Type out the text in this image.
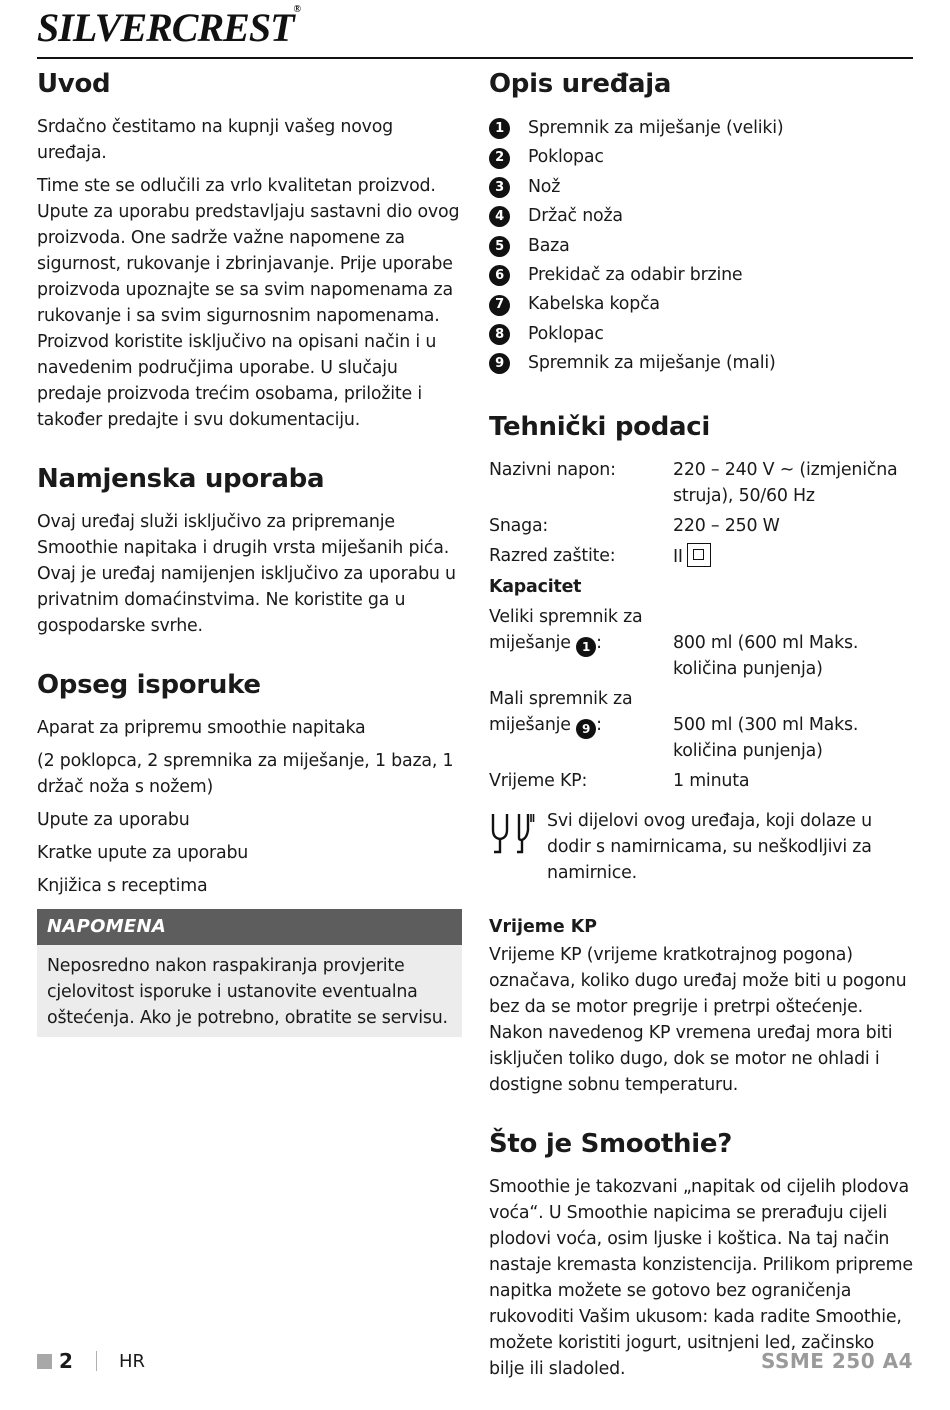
SILVERCREST®
Uvod

Srdačno čestitamo na kupnji vašeg novog uređaja.

Time ste se odlučili za vrlo kvalitetan proizvod. Upute za uporabu predstavljaju sastavni dio ovog proizvoda. One sadrže važne napomene za sigurnost, rukovanje i zbrinjavanje. Prije uporabe proizvoda upoznajte se sa svim napomenama za rukovanje i sa svim sigurnosnim napomenama. Proizvod koristite isključivo na opisani način i u navedenim područjima uporabe. U slučaju predaje proizvoda trećim osobama, priložite i također predajte i svu dokumentaciju.

Namjenska uporaba

Ovaj uređaj služi isključivo za pripremanje Smoothie napitaka i drugih vrsta miješanih pića. Ovaj je uređaj namijenjen isključivo za uporabu u privatnim domaćinstvima. Ne koristite ga u gospodarske svrhe.

Opseg isporuke

Aparat za pripremu smoothie napitaka

(2 poklopca, 2 spremnika za miješanje, 1 baza, 1 držač noža s nožem)

Upute za uporabu

Kratke upute za uporabu

Knjižica s receptima

NAPOMENA
Neposredno nakon raspakiranja provjerite cjelovitost isporuke i ustanovite eventualna oštećenja. Ako je potrebno, obratite se servisu.
Opis uređaja
1	Spremnik za miješanje (veliki)
2	Poklopac
3	Nož
4	Držač noža
5	Baza
6	Prekidač za odabir brzine
7	Kabelska kopča
8	Poklopac
9	Spremnik za miješanje (mali)
Tehnički podaci
Nazivni napon:	220 – 240 V ~ (izmjenična struja), 50/60 Hz
Snaga:	220 – 250 W
Razred zaštite:	II
Kapacitet
Veliki spremnik za
miješanje 1 :	800 ml (600 ml Maks. količina punjenja)
Mali spremnik za
miješanje 9 :	500 ml (300 ml Maks. količina punjenja)
Vrijeme KP:	1 minuta
Svi dijelovi ovog uređaja, koji dolaze u dodir s namirnicama, su neškodljivi za namirnice.
Vrijeme KP

Vrijeme KP (vrijeme kratkotrajnog pogona) označava, koliko dugo uređaj može biti u pogonu bez da se motor pregrije i pretrpi oštećenje. Nakon navedenog KP vremena uređaj mora biti isključen toliko dugo, dok se motor ne ohladi i dostigne sobnu temperaturu.

Što je Smoothie?

Smoothie je takozvani „napitak od cijelih plodova voća“. U Smoothie napicima se prerađuju cijeli plodovi voća, osim ljuske i koštica. Na taj način nastaje kremasta konzistencija. Prilikom pripreme napitka možete se gotovo bez ograničenja rukovoditi Vašim ukusom: kada radite Smoothie, možete koristiti jogurt, usitnjeni led, začinsko bilje ili sladoled.

2	HR	SSME 250 A4
